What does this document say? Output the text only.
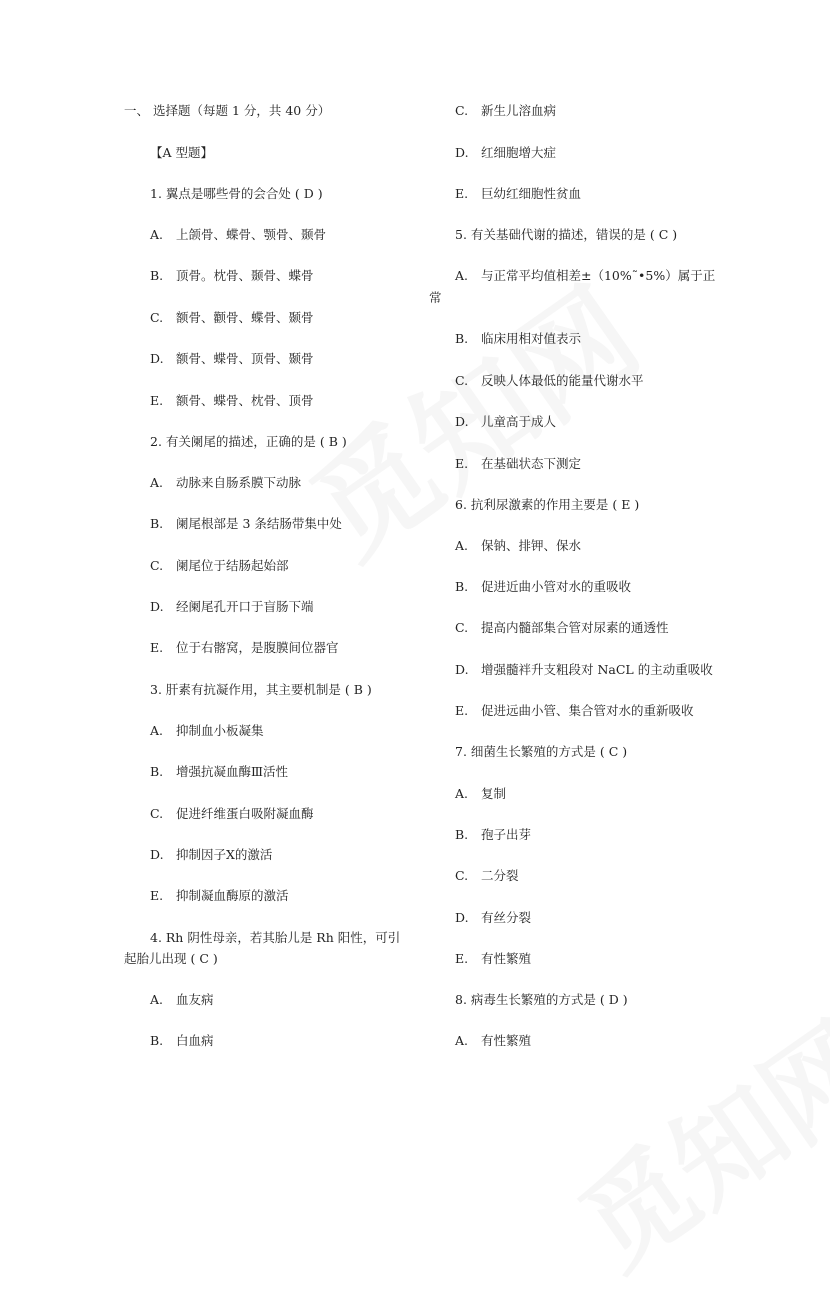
一、 选择题（每题 1 分，共 40 分）
【A 型题】
1. 翼点是哪些骨的会合处 ( D )
A. 上颌骨、蝶骨、颚骨、颞骨
B. 顶骨。枕骨、颞骨、蝶骨
C. 额骨、颧骨、蝶骨、颞骨
D. 额骨、蝶骨、顶骨、颞骨
E. 额骨、蝶骨、枕骨、顶骨
2. 有关阑尾的描述，正确的是 ( B )
A. 动脉来自肠系膜下动脉
B. 阑尾根部是 3 条结肠带集中处
C. 阑尾位于结肠起始部
D. 经阑尾孔开口于盲肠下端
E. 位于右髂窝，是腹膜间位器官
3. 肝素有抗凝作用，其主要机制是 ( B )
A. 抑制血小板凝集
B. 增强抗凝血酶Ⅲ活性
C. 促进纤维蛋白吸附凝血酶
D. 抑制因子Ⅹ的激活
E. 抑制凝血酶原的激活
4. Rh 阴性母亲，若其胎儿是 Rh 阳性，可引
起胎儿出现 ( C )
A. 血友病
B. 白血病
C. 新生儿溶血病
D. 红细胞增大症
E. 巨幼红细胞性贫血
5. 有关基础代谢的描述，错误的是 ( C )
A. 与正常平均值相差±（10%˜•5%）属于正
常
B. 临床用相对值表示
C. 反映人体最低的能量代谢水平
D. 儿童高于成人
E. 在基础状态下测定
6. 抗利尿激素的作用主要是 ( E )
A. 保钠、排钾、保水
B. 促进近曲小管对水的重吸收
C. 提高内髓部集合管对尿素的通透性
D. 增强髓袢升支粗段对 NaCL 的主动重吸收
E. 促进远曲小管、集合管对水的重新吸收
7. 细菌生长繁殖的方式是 ( C )
A. 复制
B. 孢子出芽
C. 二分裂
D. 有丝分裂
E. 有性繁殖
8. 病毒生长繁殖的方式是 ( D )
A. 有性繁殖
